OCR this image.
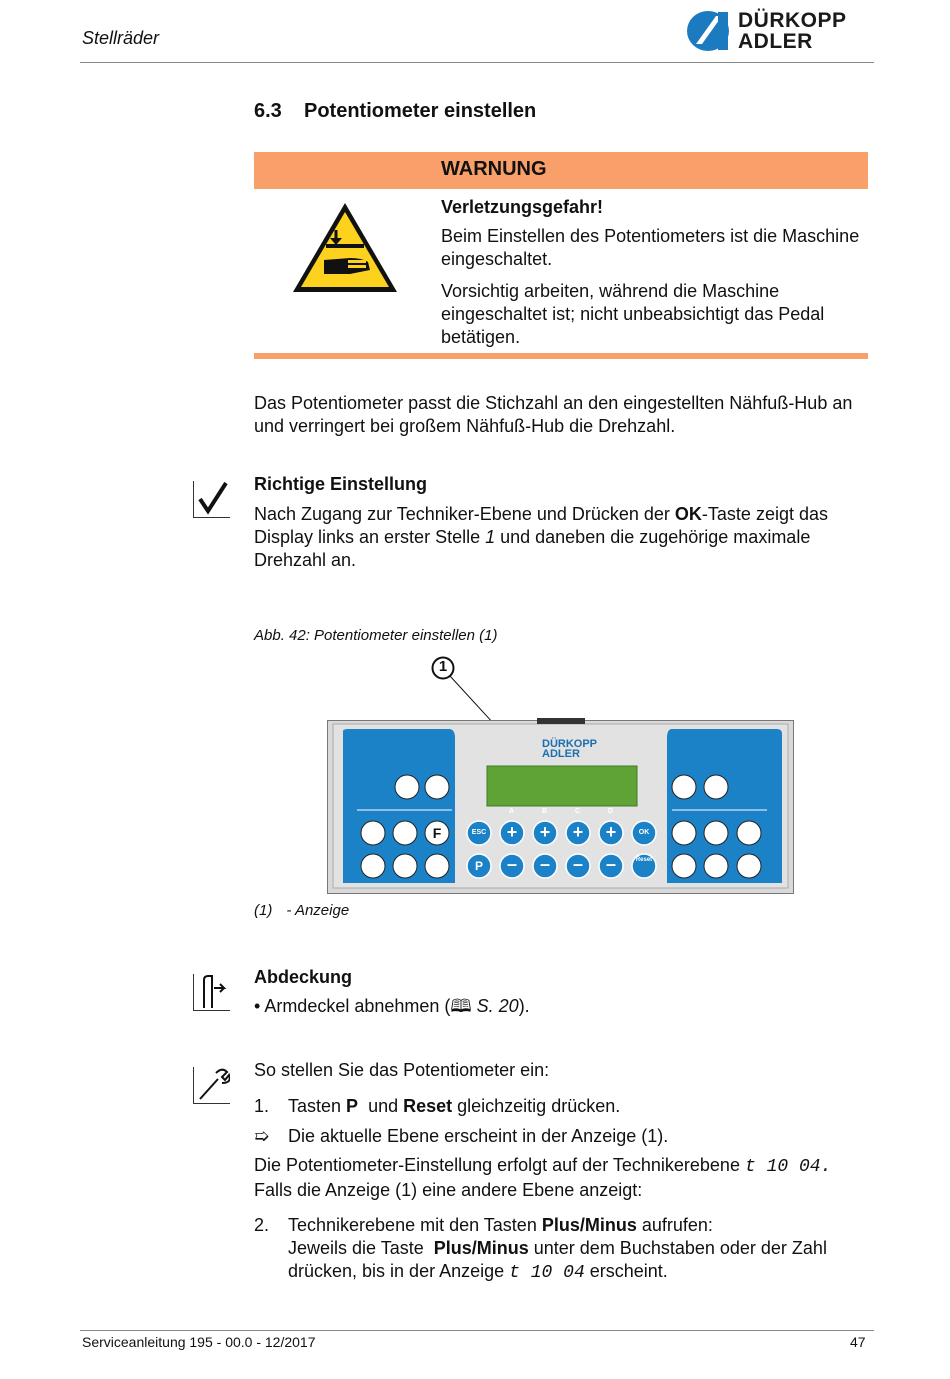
Stellräder
DÜRKOPP
ADLER
6.3 Potentiometer einstellen
WARNUNG
Verletzungsgefahr!
Beim Einstellen des Potentiometers ist die Maschine eingeschaltet.
Vorsichtig arbeiten, während die Maschine eingeschaltet ist; nicht unbeabsichtigt das Pedal betätigen.
Das Potentiometer passt die Stichzahl an den eingestellten Nähfuß-Hub an und verringert bei großem Nähfuß-Hub die Drehzahl.
Richtige Einstellung
Nach Zugang zur Techniker-Ebene und Drücken der OK-Taste zeigt das Display links an erster Stelle 1 und daneben die zugehörige maximale Drehzahl an.
Abb. 42: Potentiometer einstellen (1)
1
DÜRKOPP
ADLER
A	B	C	D
ESC	OK
P
F
Reset
+	+	+	+
–	–	–	–
(1) - Anzeige
Abdeckung
• Armdeckel abnehmen (🕮 S. 20).
So stellen Sie das Potentiometer ein:
1. Tasten P  und Reset gleichzeitig drücken.
➯ Die aktuelle Ebene erscheint in der Anzeige (1).
Die Potentiometer-Einstellung erfolgt auf der Technikerebene t 10 04.
Falls die Anzeige (1) eine andere Ebene anzeigt:
2. Technikerebene mit den Tasten Plus/Minus aufrufen:
Jeweils die Taste  Plus/Minus unter dem Buchstaben oder der Zahl drücken, bis in der Anzeige t 10 04 erscheint.
Serviceanleitung 195 - 00.0 - 12/2017	47
